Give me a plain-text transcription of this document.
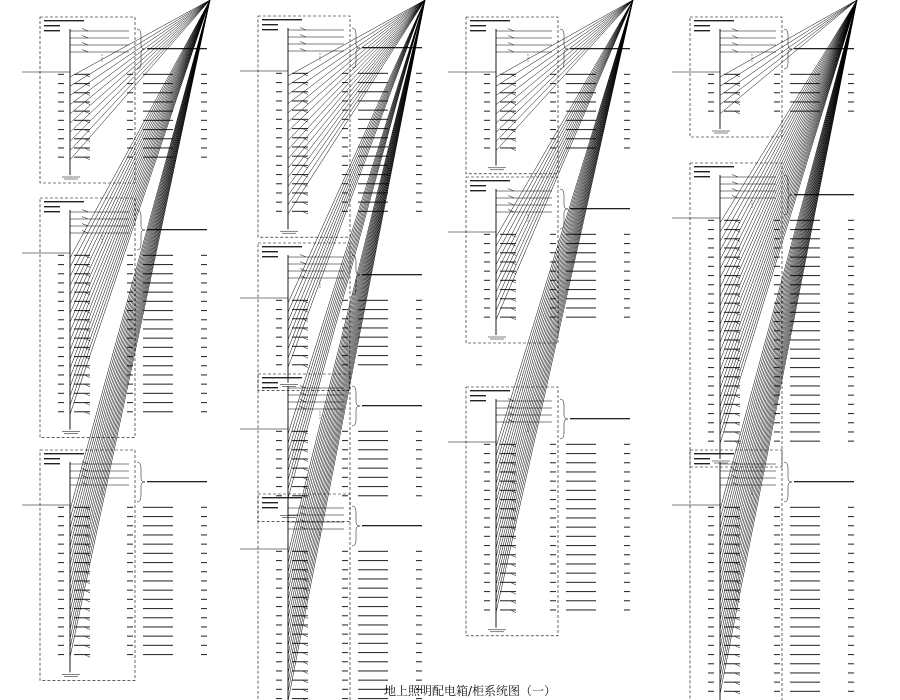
地上照明配电箱/柜系统图（一）
